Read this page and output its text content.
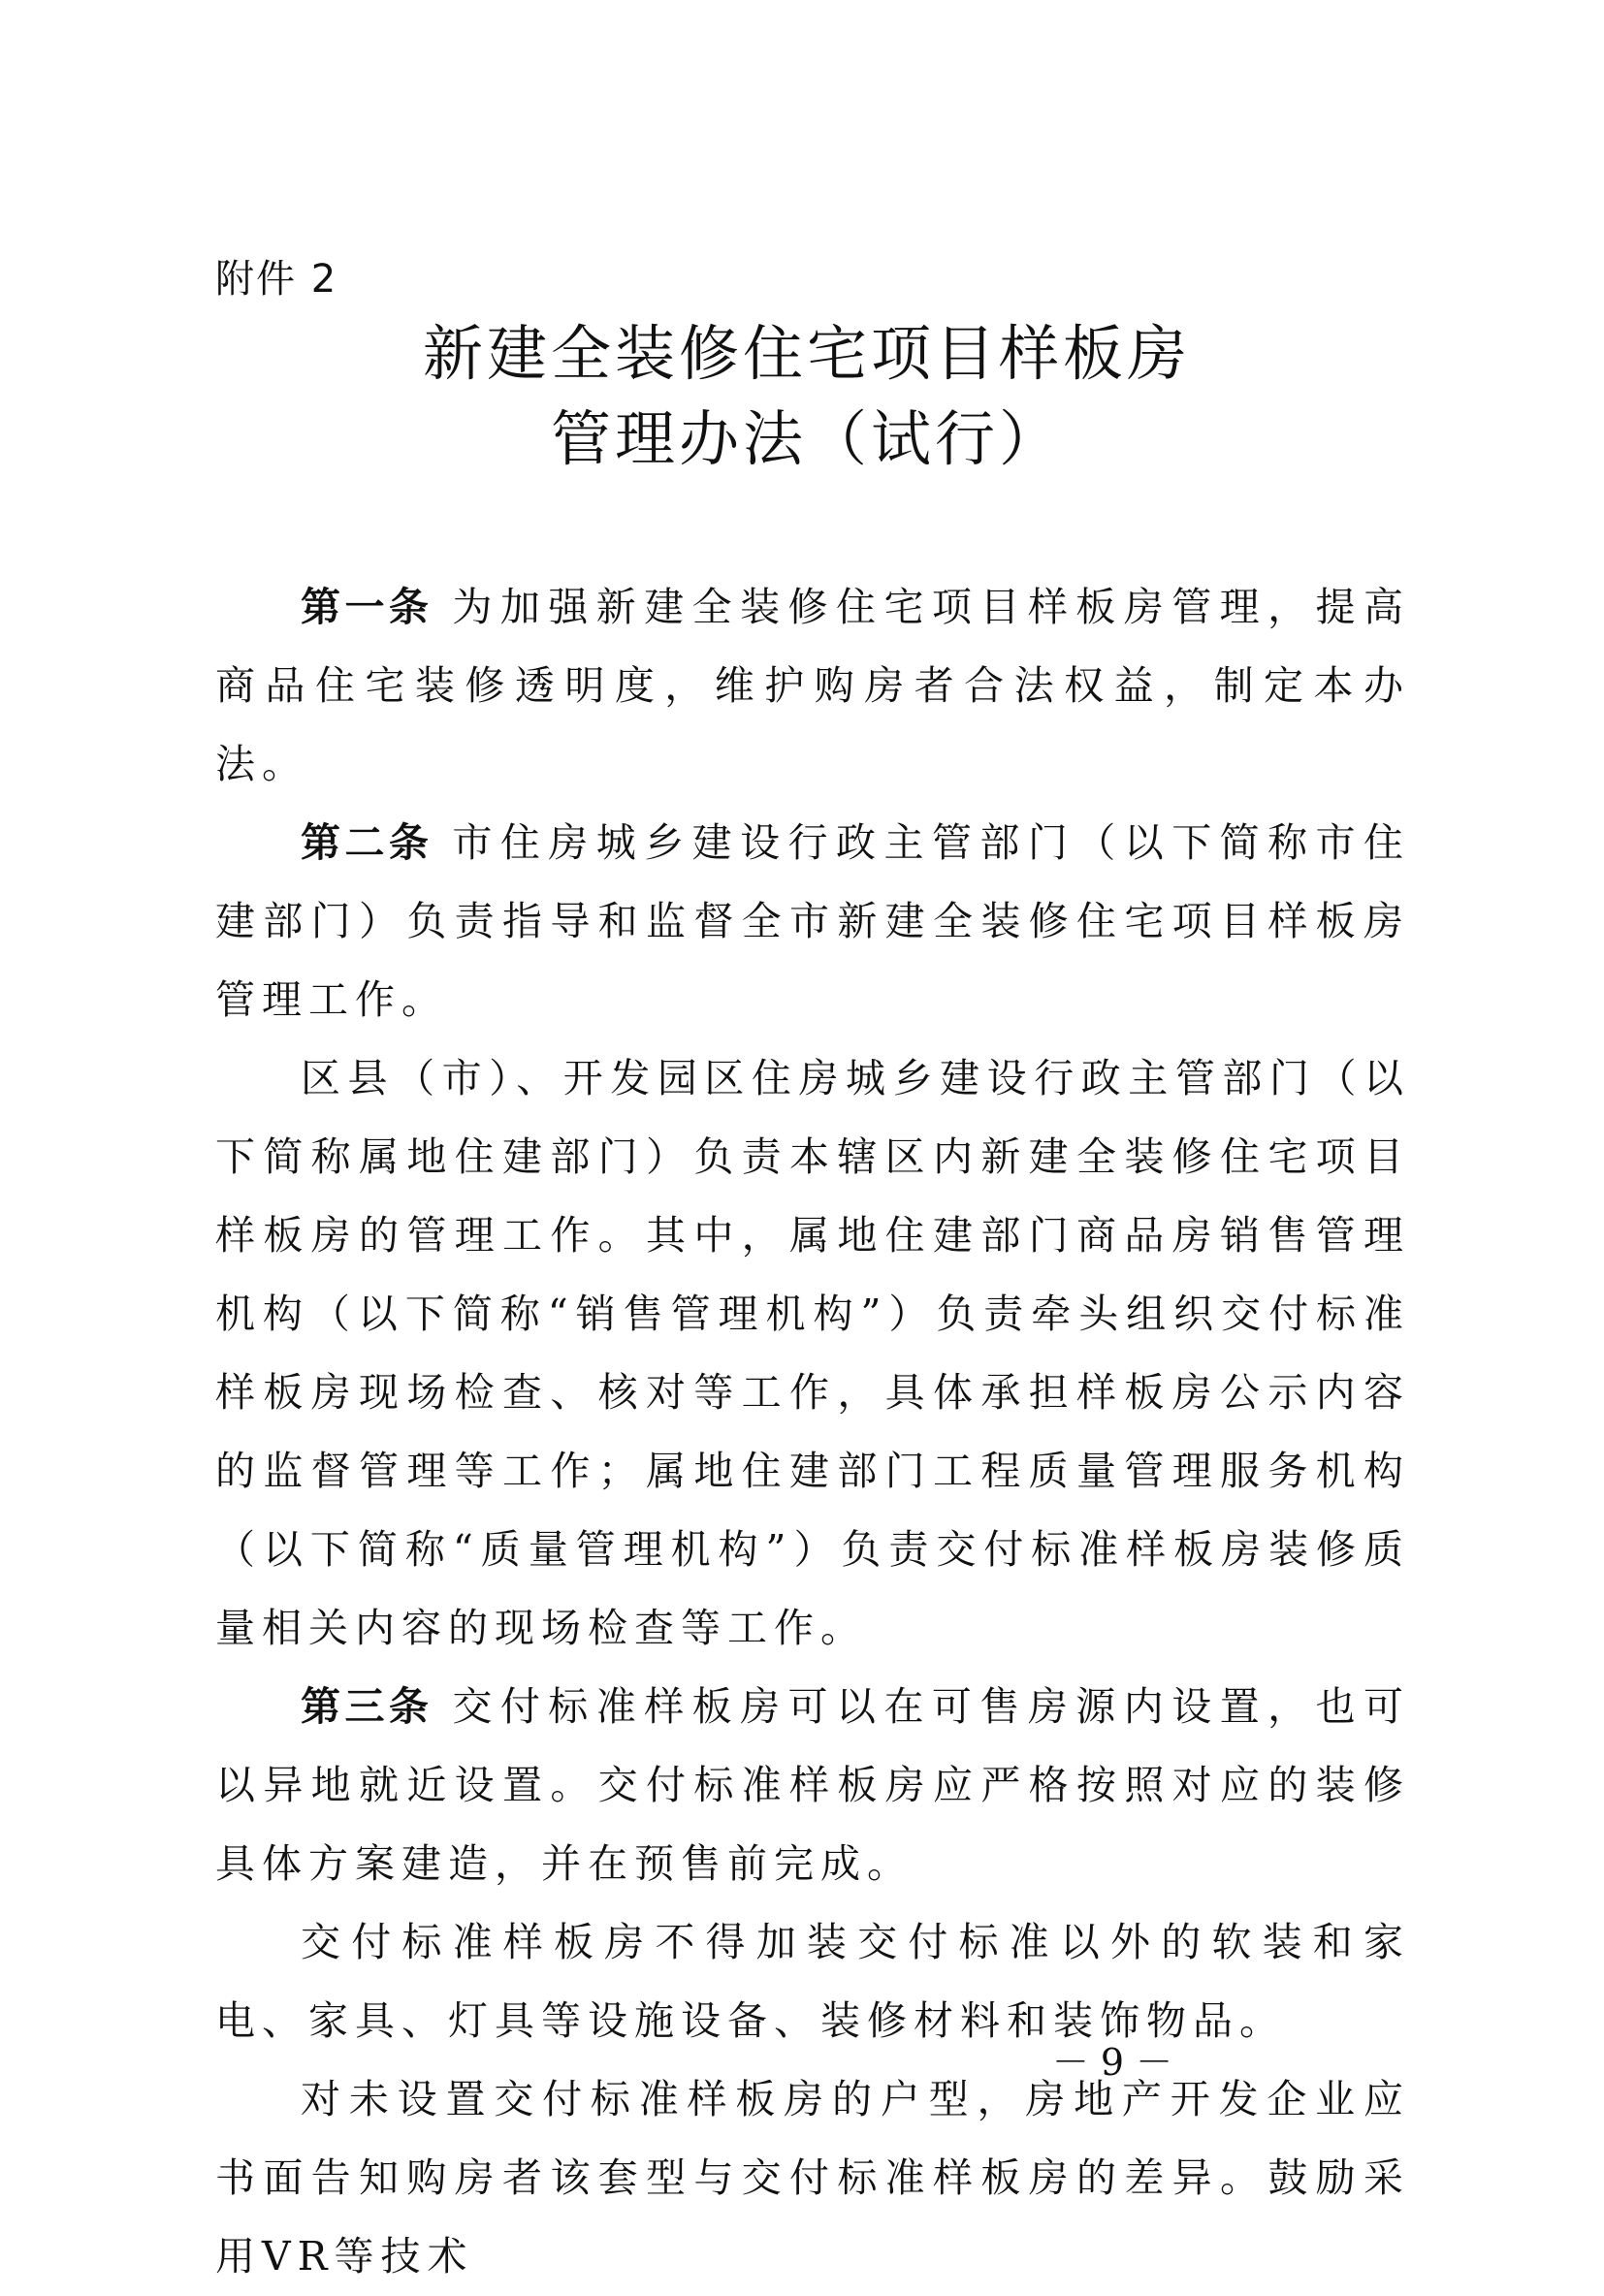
附件 2
新建全装修住宅项目样板房
管理办法（试行）

第一条 为加强新建全装修住宅项目样板房管理，提高商品住宅装修透明度，维护购房者合法权益，制定本办法。

第二条 市住房城乡建设行政主管部门（以下简称市住建部门）负责指导和监督全市新建全装修住宅项目样板房管理工作。

区县（市）、开发园区住房城乡建设行政主管部门（以下简称属地住建部门）负责本辖区内新建全装修住宅项目样板房的管理工作。其中，属地住建部门商品房销售管理机构（以下简称“销售管理机构”）负责牵头组织交付标准样板房现场检查、核对等工作，具体承担样板房公示内容的监督管理等工作；属地住建部门工程质量管理服务机构（以下简称“质量管理机构”）负责交付标准样板房装修质量相关内容的现场检查等工作。

第三条 交付标准样板房可以在可售房源内设置，也可以异地就近设置。交付标准样板房应严格按照对应的装修具体方案建造，并在预售前完成。

交付标准样板房不得加装交付标准以外的软装和家电、家具、灯具等设施设备、装修材料和装饰物品。

对未设置交付标准样板房的户型，房地产开发企业应书面告知购房者该套型与交付标准样板房的差异。鼓励采用VR等技术

－ 9 －
